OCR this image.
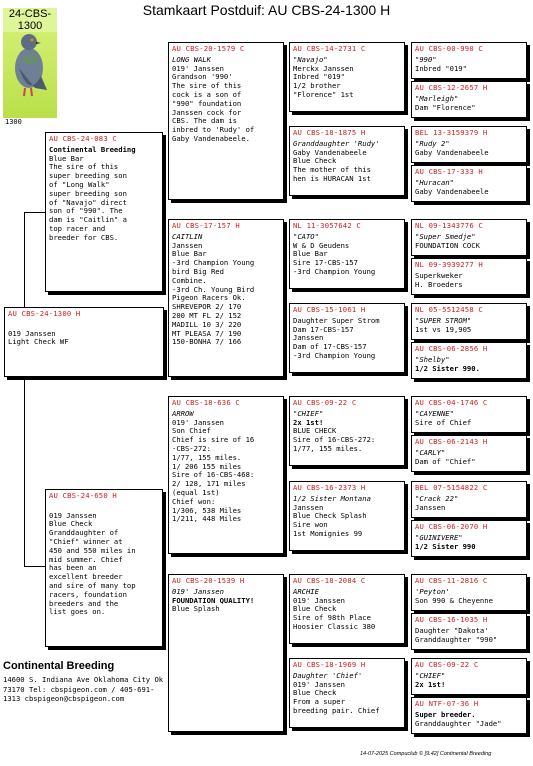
Stamkaart Postduif: AU CBS-24-1300 H
24-CBS-1300
1300
AU CBS-24-1300 H

019 Janssen
Light Check WF
AU CBS-24-083 C
Continental Breeding
Blue Bar
The sire of this
super breeding son
of "Long Walk"
super breeding son
of "Navajo" direct
son of "990". The
dam is "Caitlin" a
top racer and
breeder for CBS.
AU CBS-24-650 H

019 Janssen
Blue Check
Granddaughter of
"Chief" winner at
450 and 550 miles in
mid summer. Chief
has been an
excellent breeder
and sire of many top
racers, foundation
breeders and the
list goes on.
AU CBS-20-1579 C
LONG WALK
019' Janssen
Grandson '990'
The sire of this
cock is a son of
"990" foundation
Janssen cock for
CBS. The dam is
inbred to 'Rudy' of
Gaby Vandenabeele.
AU CBS-17-157 H
CAITLIN
Janssen
Blue Bar
-3rd Champion Young
bird Big Red
Combine.
-3rd Ch. Young Bird
Pigeon Racers Ok.
SHREVEPOR 2/ 170
200 MT FL 2/ 152
MADILL 10 3/ 220
MT PLEASA 7/ 190
150-BONHA 7/ 166
AU CBS-18-636 C
ARROW
019' Janssen
Son Chief
Chief is sire of 16
-CBS-272:
1/77, 155 miles.
1/ 206 155 miles
Sire of 16-CBS-468:
2/ 128, 171 miles
(equal 1st)
Chief won:
1/306, 538 Miles
1/211, 448 Miles
AU CBS-20-1539 H
019' Janssen
FOUNDATION QUALITY!
Blue Splash
AU CBS-14-2731 C
"Navajo"
Merckx Janssen
Inbred "019"
1/2 brother
"Florence" 1st
AU CBS-18-1875 H
Granddaughter 'Rudy'
Gaby Vandenabeele
Blue Check
The mother of this
hen is HURACAN 1st
NL 11-3057642 C
"CATO"
W & D Geudens
Blue Bar
Sire 17-CBS-157
-3rd Champion Young
AU CBS-15-1061 H
Daughter Super Strom
Dam 17-CBS-157
Janssen
Dam of 17-CBS-157
-3rd Champion Young
AU CBS-09-22 C
"CHIEF"
2x 1st!
BLUE CHECK
Sire of 16-CBS-272:
1/77, 155 miles.
AU CBS-16-2373 H
1/2 Sister Montana
Janssen
Blue Check Splash
Sire won
1st Momignies 99
AU CBS-18-2084 C
ARCHIE
019' Janssen
Blue Check
Sire of 98th Place
Hoosier Classic 380
AU CBS-18-1969 H
Daughter 'Chief'
019' Janssen
Blue Check
From a super
breeding pair. Chief
AU CBS-00-990 C
"990"
Inbred "019"
AU CBS-12-2657 H
"Marleigh"
Dam "Florence"
BEL 13-3159379 H
"Rudy 2"
Gaby Vandenabeele
AU CBS-17-333 H
"Huracan"
Gaby Vandenabeele
NL 09-1343776 C
"Super Smedje"
FOUNDATION COCK
NL 09-3939277 H
Superkweker
H. Broeders
NL 05-5512458 C
"SUPER STROM"
1st vs 19,905
AU CBS-06-2856 H
"Shelby"
1/2 Sister 990.
AU CBS-04-1746 C
"CAYENNE"
Sire of Chief
AU CBS-06-2143 H
"CARLY"
Dam of "Chief"
BEL 07-5154822 C
"Crack 22"
Janssen
AU CBS-06-2070 H
"GUINIVERE"
1/2 Sister 990
AU CBS-11-2816 C
'Peyton'
Son 990 & Cheyenne
AU CBS-16-1035 H
Daughter "Dakota'
Granddaughter "990"
AU CBS-09-22 C
"CHIEF"
2x 1st!
AU NTF-07-36 H
Super breeder.
Granddaughter "Jade"
Continental Breeding
14600 S. Indiana Ave Oklahoma City Ok 73170 Tel: cbspigeon.com / 405-691-1313 cbspigeon@cbspigeon.com
14-07-2025 Compuclub © [9.42] Continental Breeding
